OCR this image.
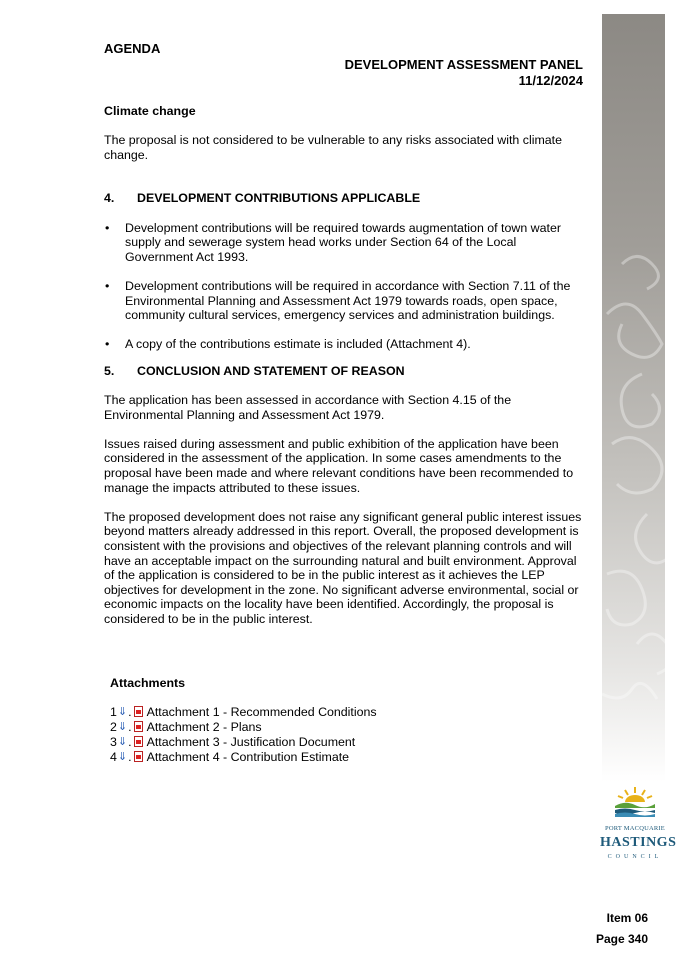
AGENDA
DEVELOPMENT ASSESSMENT PANEL
11/12/2024

Climate change

The proposal is not considered to be vulnerable to any risks associated with climate change.

4.	DEVELOPMENT CONTRIBUTIONS APPLICABLE
• Development contributions will be required towards augmentation of town water supply and sewerage system head works under Section 64 of the Local Government Act 1993.
• Development contributions will be required in accordance with Section 7.11 of the Environmental Planning and Assessment Act 1979 towards roads, open space, community cultural services, emergency services and administration buildings.
• A copy of the contributions estimate is included (Attachment 4).
5.	CONCLUSION AND STATEMENT OF REASON

The application has been assessed in accordance with Section 4.15 of the Environmental Planning and Assessment Act 1979.

Issues raised during assessment and public exhibition of the application have been considered in the assessment of the application. In some cases amendments to the proposal have been made and where relevant conditions have been recommended to manage the impacts attributed to these issues.

The proposed development does not raise any significant general public interest issues beyond matters already addressed in this report. Overall, the proposed development is consistent with the provisions and objectives of the relevant planning controls and will have an acceptable impact on the surrounding natural and built environment. Approval of the application is considered to be in the public interest as it achieves the LEP objectives for development in the zone. No significant adverse environmental, social or economic impacts on the locality have been identified. Accordingly, the proposal is considered to be in the public interest.

Attachments
1 ⇓ . Attachment 1 - Recommended Conditions
2 ⇓ . Attachment 2 - Plans
3 ⇓ . Attachment 3 - Justification Document
4 ⇓ . Attachment 4 - Contribution Estimate
PORT MACQUARIE
HASTINGS
COUNCIL
Item 06
Page 340
